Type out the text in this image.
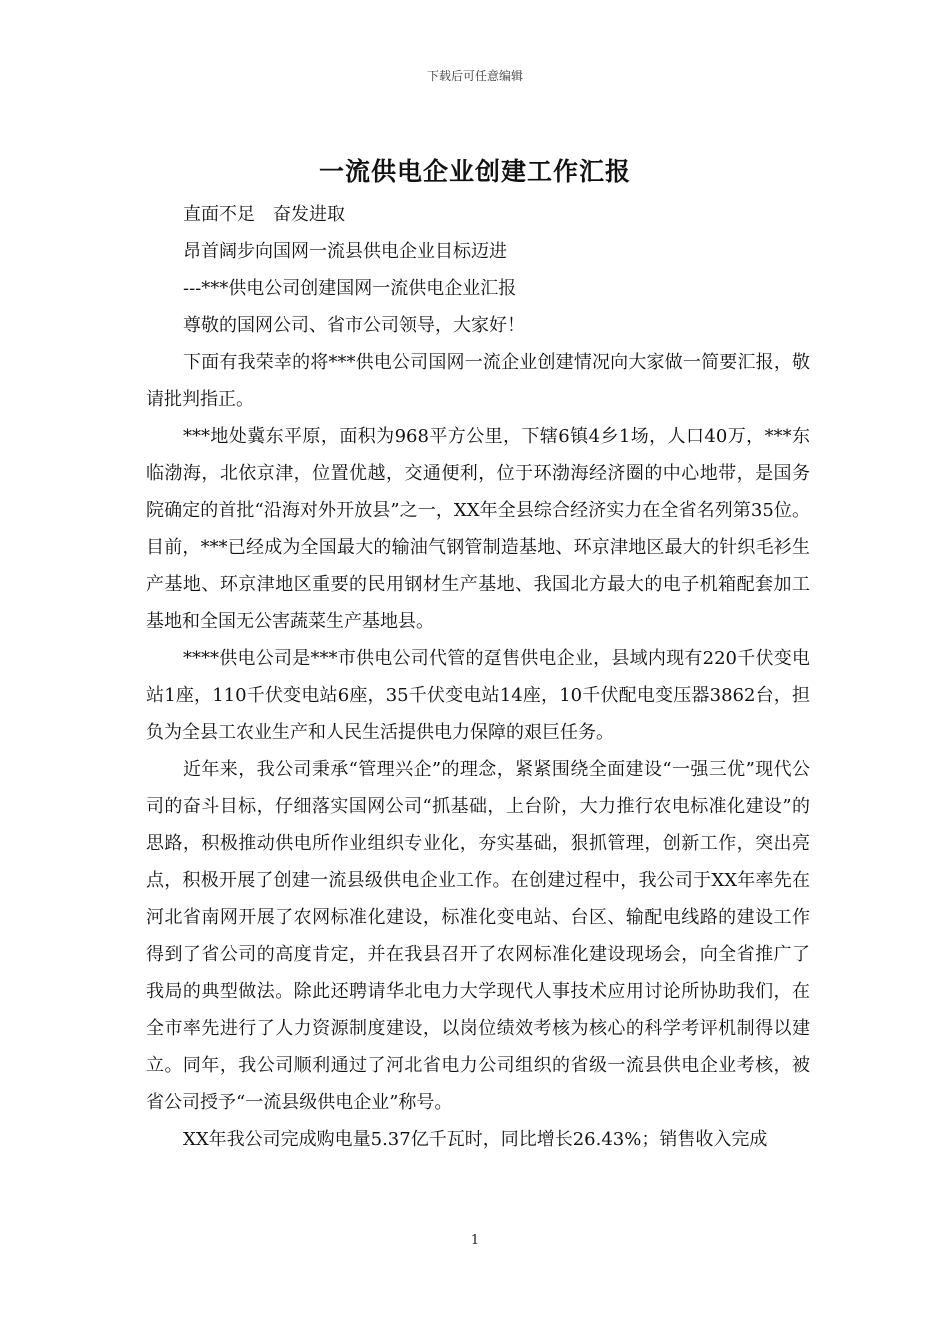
下载后可任意编辑
一流供电企业创建工作汇报

直面不足　奋发进取

昂首阔步向国网一流县供电企业目标迈进

---***供电公司创建国网一流供电企业汇报

尊敬的国网公司、省市公司领导，大家好！

下面有我荣幸的将***供电公司国网一流企业创建情况向大家做一简要汇报，敬请批判指正。

***地处冀东平原，面积为968平方公里，下辖6镇4乡1场，人口40万，***东临渤海，北依京津，位置优越，交通便利，位于环渤海经济圈的中心地带，是国务院确定的首批“沿海对外开放县”之一，XX年全县综合经济实力在全省名列第35位。目前，***已经成为全国最大的输油气钢管制造基地、环京津地区最大的针织毛衫生产基地、环京津地区重要的民用钢材生产基地、我国北方最大的电子机箱配套加工基地和全国无公害蔬菜生产基地县。

****供电公司是***市供电公司代管的趸售供电企业，县域内现有220千伏变电站1座，110千伏变电站6座，35千伏变电站14座，10千伏配电变压器3862台，担负为全县工农业生产和人民生活提供电力保障的艰巨任务。

近年来，我公司秉承“管理兴企”的理念，紧紧围绕全面建设“一强三优”现代公司的奋斗目标，仔细落实国网公司“抓基础，上台阶，大力推行农电标准化建设”的思路，积极推动供电所作业组织专业化，夯实基础，狠抓管理，创新工作，突出亮点，积极开展了创建一流县级供电企业工作。在创建过程中，我公司于XX年率先在河北省南网开展了农网标准化建设，标准化变电站、台区、输配电线路的建设工作得到了省公司的高度肯定，并在我县召开了农网标准化建设现场会，向全省推广了我局的典型做法。除此还聘请华北电力大学现代人事技术应用讨论所协助我们，在全市率先进行了人力资源制度建设，以岗位绩效考核为核心的科学考评机制得以建立。同年，我公司顺利通过了河北省电力公司组织的省级一流县供电企业考核，被省公司授予“一流县级供电企业”称号。

XX年我公司完成购电量5.37亿千瓦时，同比增长26.43%；销售收入完成

1
